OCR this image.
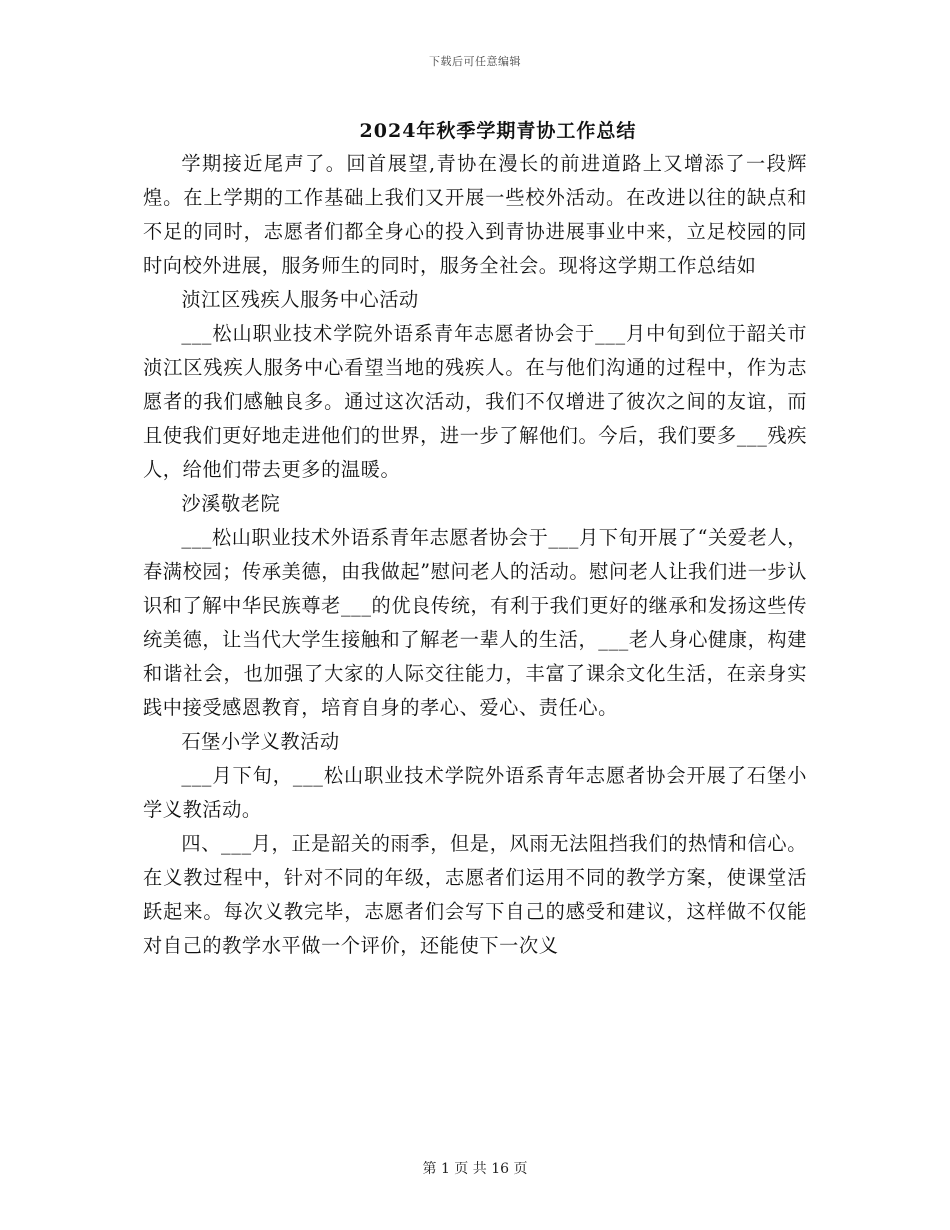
下载后可任意编辑
2024年秋季学期青协工作总结

学期接近尾声了。回首展望,青协在漫长的前进道路上又增添了一段辉煌。在上学期的工作基础上我们又开展一些校外活动。在改进以往的缺点和不足的同时，志愿者们都全身心的投入到青协进展事业中来，立足校园的同时向校外进展，服务师生的同时，服务全社会。现将这学期工作总结如

浈江区残疾人服务中心活动

___松山职业技术学院外语系青年志愿者协会于___月中旬到位于韶关市浈江区残疾人服务中心看望当地的残疾人。在与他们沟通的过程中，作为志愿者的我们感触良多。通过这次活动，我们不仅增进了彼次之间的友谊，而且使我们更好地走进他们的世界，进一步了解他们。今后，我们要多___残疾人，给他们带去更多的温暖。

沙溪敬老院

___松山职业技术外语系青年志愿者协会于___月下旬开展了“关爱老人，春满校园；传承美德，由我做起”慰问老人的活动。慰问老人让我们进一步认识和了解中华民族尊老___的优良传统，有利于我们更好的继承和发扬这些传统美德，让当代大学生接触和了解老一辈人的生活，___老人身心健康，构建和谐社会，也加强了大家的人际交往能力，丰富了课余文化生活，在亲身实践中接受感恩教育，培育自身的孝心、爱心、责任心。

石堡小学义教活动

___月下旬，___松山职业技术学院外语系青年志愿者协会开展了石堡小学义教活动。

四、___月，正是韶关的雨季，但是，风雨无法阻挡我们的热情和信心。在义教过程中，针对不同的年级，志愿者们运用不同的教学方案，使课堂活跃起来。每次义教完毕，志愿者们会写下自己的感受和建议，这样做不仅能对自己的教学水平做一个评价，还能使下一次义

第 1 页 共 16 页
